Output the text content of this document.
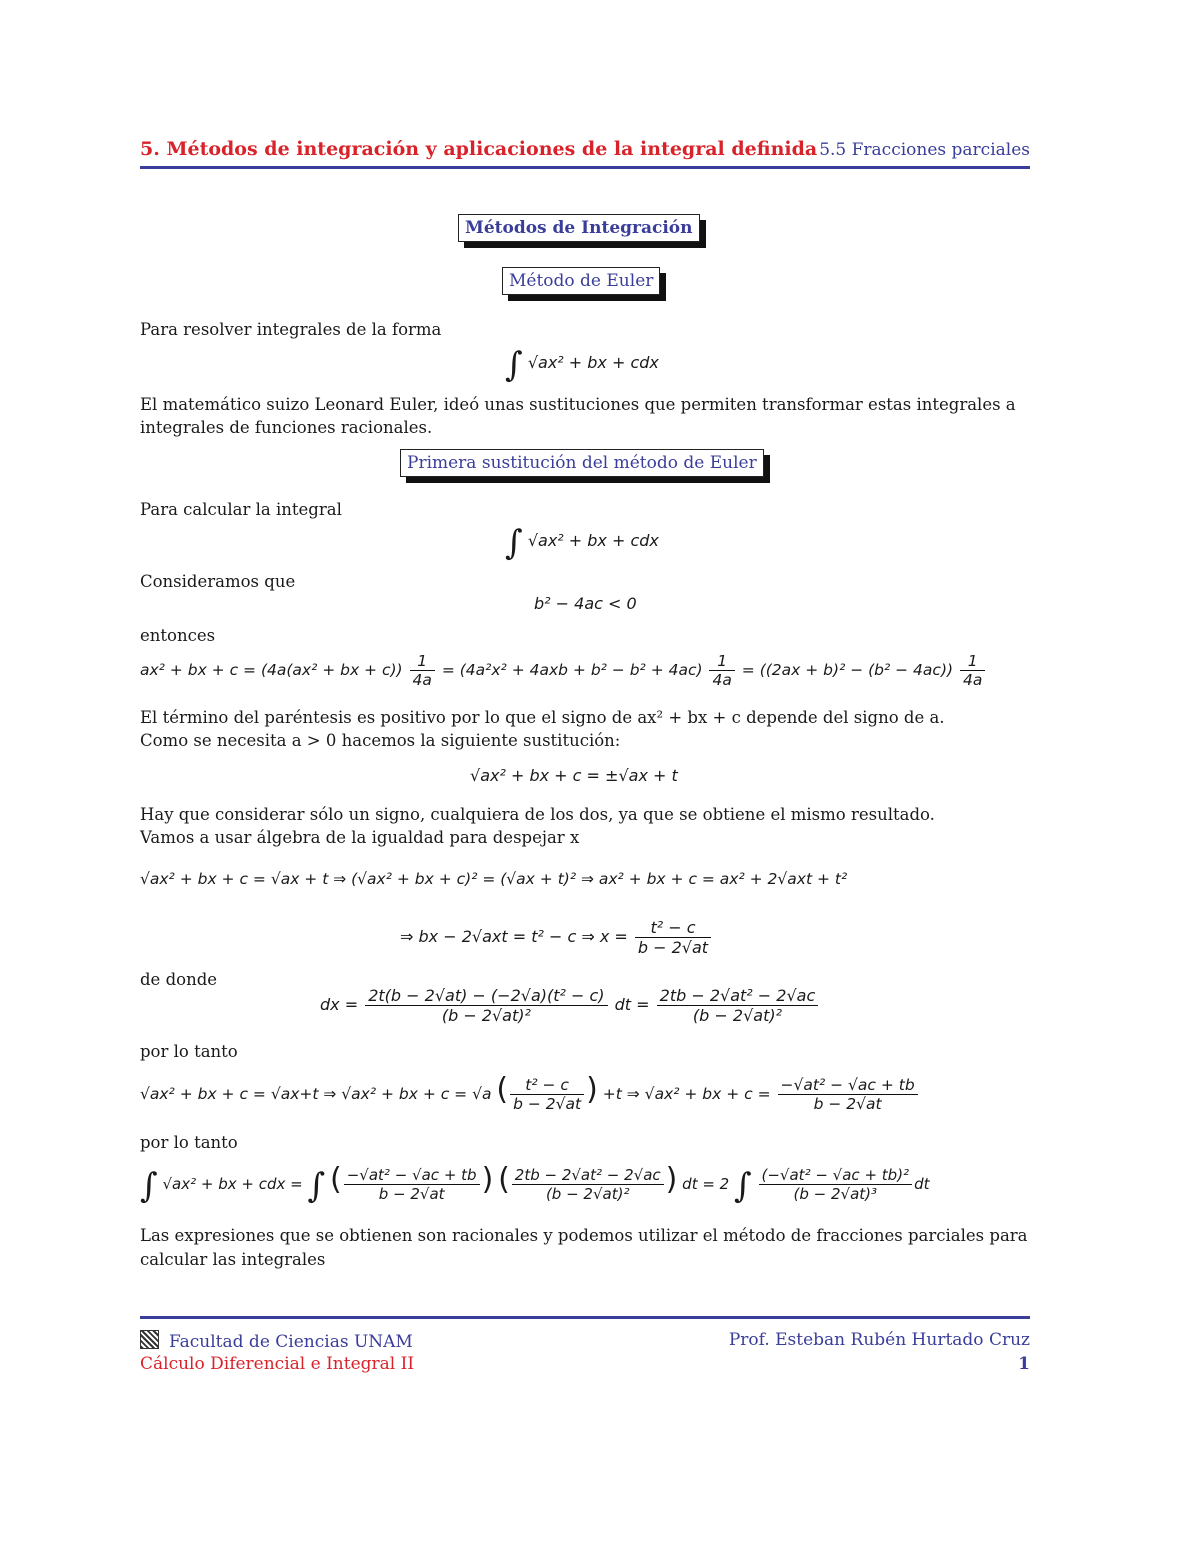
5. Métodos de integración y aplicaciones de la integral definida 5.5 Fracciones parciales
Métodos de Integración
Método de Euler
Para resolver integrales de la forma
∫ √ax² + bx + cdx
El matemático suizo Leonard Euler, ideó unas sustituciones que permiten transformar estas integrales a
integrales de funciones racionales.
Primera sustitución del método de Euler
Para calcular la integral
∫ √ax² + bx + cdx
Consideramos que
b² − 4ac < 0
entonces
ax² + bx + c = (4a(ax² + bx + $c)) \frac{1}{4a} = (4a^2x^2 + 4axb + b^2 - b^2 + 4ac) \frac{1}{4a} = ((2ax + b)^2 - (b^2 - 4ac)) \frac{1}{4a}$
El término del paréntesis es positivo por lo que el signo de ax² + bx + c depende del signo de a.
Como se necesita a > 0 hacemos la siguiente sustitución:
√ax² + bx + c = ±√ax + t
Hay que considerar sólo un signo, cualquiera de los dos, ya que se obtiene el mismo resultado.
Vamos a usar álgebra de la igualdad para despejar x
√ax² + bx + c = √ax + t ⇒ (√ax² + bx + c)² = (√ax + t)² ⇒ ax² + bx + c = ax² + 2√axt + t²
⇒ bx − 2√axt = t² − c ⇒ $x = \frac{\text{t² − c}}{b - 2√at}$
de donde
dx = $\frac{\text{2t(b − 2√at) − (−2√a)(t² − c)}}{\text{(b − 2√at)²}}$ dt = $\frac{\text{2tb − 2√at² − 2√ac}}{\text{(b − 2√at)²}}$
por lo tanto
√ax² + bx + c = √ax+t ⇒ √ax² + bx + c = √a ( $\frac{\text{t² − c}}{b - 2√at}$ ) +t ⇒ √ax² + bx + $c = \frac{\text{−√at² − √ac + tb}}{b - 2√at}$
por lo tanto
∫ √ax² + bx + cdx = ∫ ( $\frac{\text{−√at² − √ac + tb}}{b - 2√at}$ ) ( $\frac{\text{2tb − 2√at² − 2√ac}}{\text{(b − 2√at)²}}$ ) dt = 2 ∫ $\frac{\text{(−√at² − √ac + tb)²}}{\text{(b − 2√at)³}}$ dt
Las expresiones que se obtienen son racionales y podemos utilizar el método de fracciones parciales para
calcular las integrales
Facultad de Ciencias UNAM
Cálculo Diferencial e Integral II
Prof. Esteban Rubén Hurtado Cruz
1
